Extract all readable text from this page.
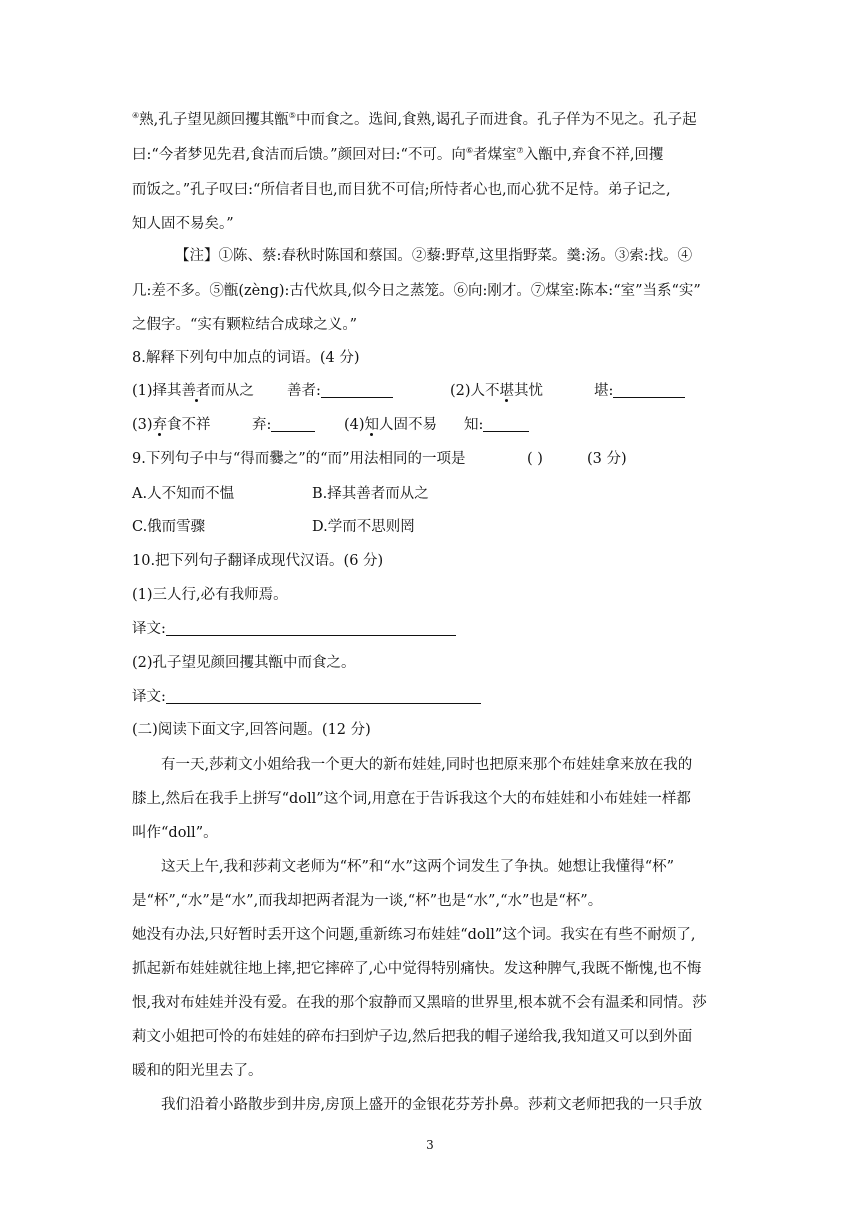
④熟,孔子望见颜回攫其甑⑤中而食之。选间,食熟,谒孔子而进食。孔子佯为不见之。孔子起
曰:“今者梦见先君,食洁而后馈。”颜回对曰:“不可。向⑥者煤室⑦入甑中,弃食不祥,回攫
而饭之。”孔子叹曰:“所信者目也,而目犹不可信;所恃者心也,而心犹不足恃。弟子记之,
知人固不易矣。”
【注】①陈、蔡:春秋时陈国和蔡国。②藜:野草,这里指野菜。羹:汤。③索:找。④
几:差不多。⑤甑(zèng):古代炊具,似今日之蒸笼。⑥向:刚才。⑦煤室:陈本:“室”当系“实”
之假字。“实有颗粒结合成球之义。”
8.解释下列句中加点的词语。(4 分)
(1)择其善者而从之 善者:	(2)人不堪其忧	堪:
(3)弃食不祥	弃:	(4)知人固不易 知:
9.下列句子中与“得而爨之”的“而”用法相同的一项是	( )	(3 分)
A.人不知而不愠	B.择其善者而从之
C.俄而雪骤	D.学而不思则罔
10.把下列句子翻译成现代汉语。(6 分)
(1)三人行,必有我师焉。
译文:
(2)孔子望见颜回攫其甑中而食之。
译文:
(二)阅读下面文字,回答问题。(12 分)
有一天,莎莉文小姐给我一个更大的新布娃娃,同时也把原来那个布娃娃拿来放在我的
膝上,然后在我手上拼写“doll”这个词,用意在于告诉我这个大的布娃娃和小布娃娃一样都
叫作“doll”。
这天上午,我和莎莉文老师为“杯”和“水”这两个词发生了争执。她想让我懂得“杯”
是“杯”,“水”是“水”,而我却把两者混为一谈,“杯”也是“水”,“水”也是“杯”。
她没有办法,只好暂时丢开这个问题,重新练习布娃娃“doll”这个词。我实在有些不耐烦了,
抓起新布娃娃就往地上摔,把它摔碎了,心中觉得特别痛快。发这种脾气,我既不惭愧,也不悔
恨,我对布娃娃并没有爱。在我的那个寂静而又黑暗的世界里,根本就不会有温柔和同情。莎
莉文小姐把可怜的布娃娃的碎布扫到炉子边,然后把我的帽子递给我,我知道又可以到外面
暖和的阳光里去了。
我们沿着小路散步到井房,房顶上盛开的金银花芬芳扑鼻。莎莉文老师把我的一只手放
3
